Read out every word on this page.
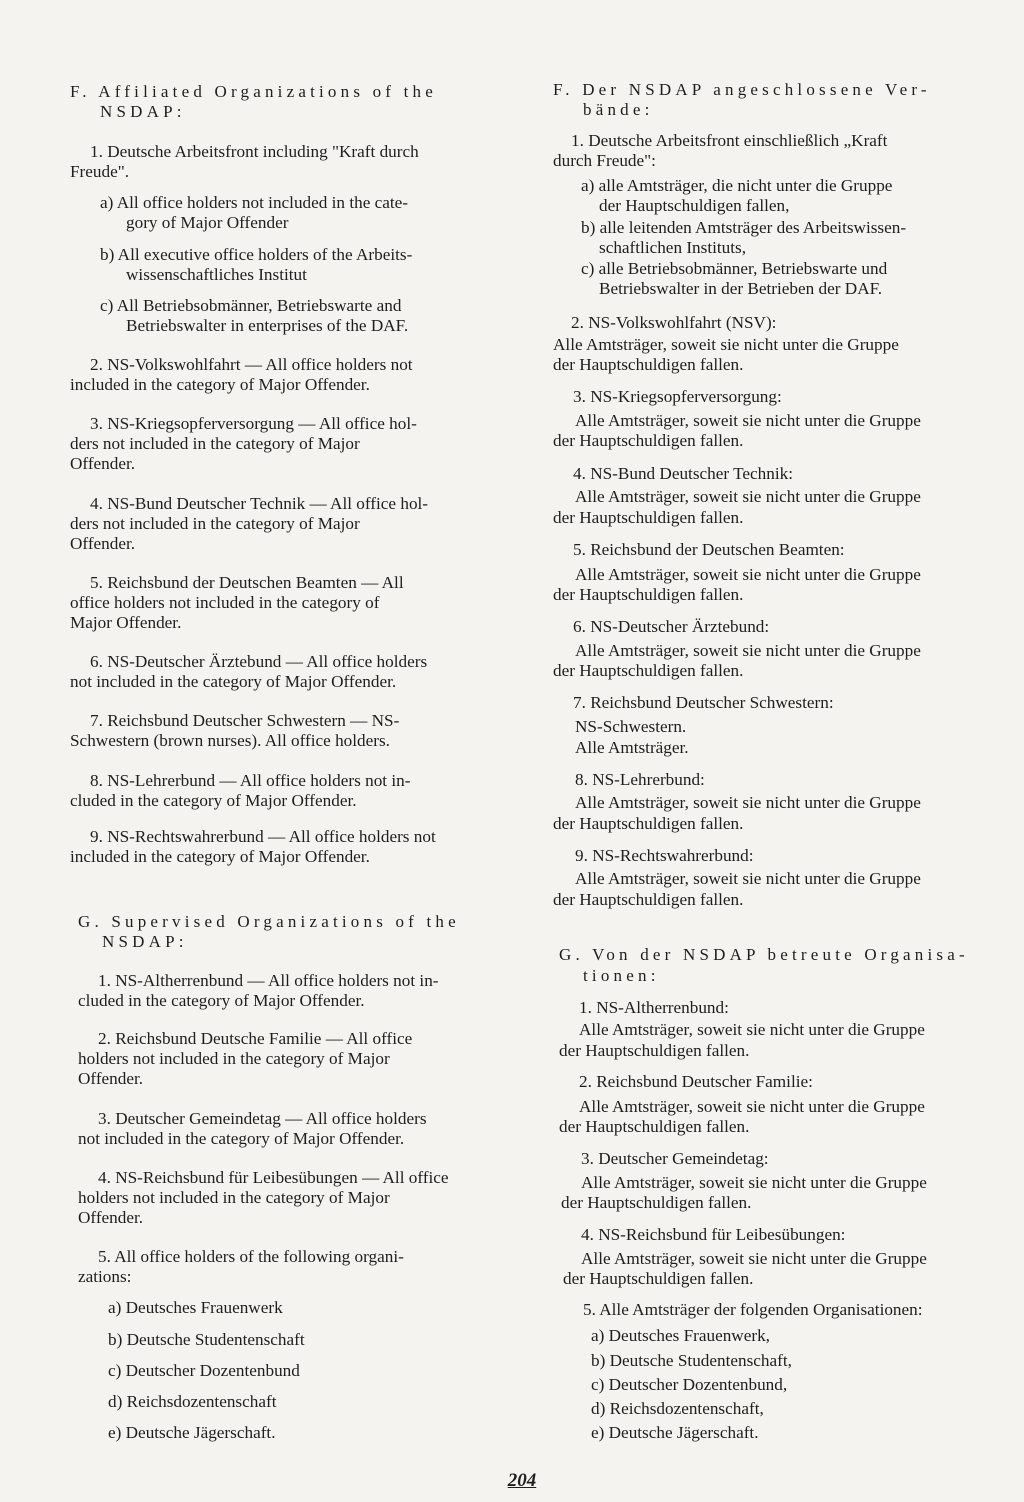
F. Affiliated Organizations of the
NSDAP:
1. Deutsche Arbeitsfront including "Kraft durch
Freude".
a) All office holders not included in the cate-
gory of Major Offender
b) All executive office holders of the Arbeits-
wissenschaftliches Institut
c) All Betriebsobmänner, Betriebswarte and
Betriebswalter in enterprises of the DAF.
2. NS-Volkswohlfahrt — All office holders not
included in the category of Major Offender.
3. NS-Kriegsopferversorgung — All office hol-
ders not included in the category of Major
Offender.
4. NS-Bund Deutscher Technik — All office hol-
ders not included in the category of Major
Offender.
5. Reichsbund der Deutschen Beamten — All
office holders not included in the category of
Major Offender.
6. NS-Deutscher Ärztebund — All office holders
not included in the category of Major Offender.
7. Reichsbund Deutscher Schwestern — NS-
Schwestern (brown nurses). All office holders.
8. NS-Lehrerbund — All office holders not in-
cluded in the category of Major Offender.
9. NS-Rechtswahrerbund — All office holders not
included in the category of Major Offender.
G. Supervised Organizations of the
NSDAP:
1. NS-Altherrenbund — All office holders not in-
cluded in the category of Major Offender.
2. Reichsbund Deutsche Familie — All office
holders not included in the category of Major
Offender.
3. Deutscher Gemeindetag — All office holders
not included in the category of Major Offender.
4. NS-Reichsbund für Leibesübungen — All office
holders not included in the category of Major
Offender.
5. All office holders of the following organi-
zations:
a) Deutsches Frauenwerk
b) Deutsche Studentenschaft
c) Deutscher Dozentenbund
d) Reichsdozentenschaft
e) Deutsche Jägerschaft.
F. Der NSDAP angeschlossene Ver-
bände:
1. Deutsche Arbeitsfront einschließlich „Kraft
durch Freude":
a) alle Amtsträger, die nicht unter die Gruppe
der Hauptschuldigen fallen,
b) alle leitenden Amtsträger des Arbeitswissen-
schaftlichen Instituts,
c) alle Betriebsobmänner, Betriebswarte und
Betriebswalter in der Betrieben der DAF.
2. NS-Volkswohlfahrt (NSV):
Alle Amtsträger, soweit sie nicht unter die Gruppe
der Hauptschuldigen fallen.
3. NS-Kriegsopferversorgung:
Alle Amtsträger, soweit sie nicht unter die Gruppe
der Hauptschuldigen fallen.
4. NS-Bund Deutscher Technik:
Alle Amtsträger, soweit sie nicht unter die Gruppe
der Hauptschuldigen fallen.
5. Reichsbund der Deutschen Beamten:
Alle Amtsträger, soweit sie nicht unter die Gruppe
der Hauptschuldigen fallen.
6. NS-Deutscher Ärztebund:
Alle Amtsträger, soweit sie nicht unter die Gruppe
der Hauptschuldigen fallen.
7. Reichsbund Deutscher Schwestern:
NS-Schwestern.
Alle Amtsträger.
8. NS-Lehrerbund:
Alle Amtsträger, soweit sie nicht unter die Gruppe
der Hauptschuldigen fallen.
9. NS-Rechtswahrerbund:
Alle Amtsträger, soweit sie nicht unter die Gruppe
der Hauptschuldigen fallen.
G. Von der NSDAP betreute Organisa-
tionen:
1. NS-Altherrenbund:
Alle Amtsträger, soweit sie nicht unter die Gruppe
der Hauptschuldigen fallen.
2. Reichsbund Deutscher Familie:
Alle Amtsträger, soweit sie nicht unter die Gruppe
der Hauptschuldigen fallen.
3. Deutscher Gemeindetag:
Alle Amtsträger, soweit sie nicht unter die Gruppe
der Hauptschuldigen fallen.
4. NS-Reichsbund für Leibesübungen:
Alle Amtsträger, soweit sie nicht unter die Gruppe
der Hauptschuldigen fallen.
5. Alle Amtsträger der folgenden Organisationen:
a) Deutsches Frauenwerk,
b) Deutsche Studentenschaft,
c) Deutscher Dozentenbund,
d) Reichsdozentenschaft,
e) Deutsche Jägerschaft.
204
